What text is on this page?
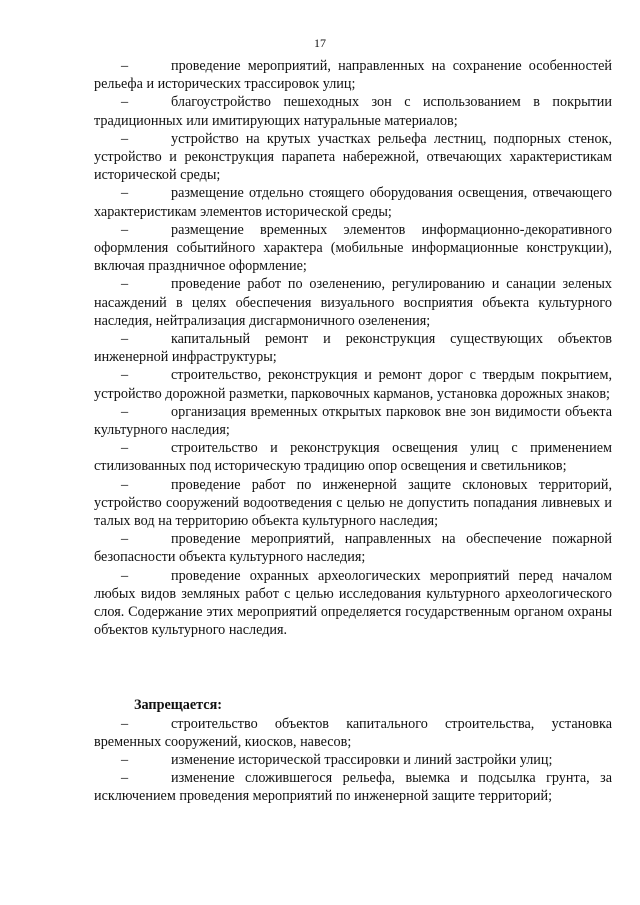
17

–	проведение мероприятий, направленных на сохранение особенностей рельефа и исторических трассировок улиц;

–	благоустройство пешеходных зон с использованием в покрытии традиционных или имитирующих натуральные материалов;

–	устройство на крутых участках рельефа лестниц, подпорных стенок, устройство и реконструкция парапета набережной, отвечающих характеристикам исторической среды;

–	размещение отдельно стоящего оборудования освещения, отвечающего характеристикам элементов исторической среды;

–	размещение временных элементов информационно-декоративного оформления событийного характера (мобильные информационные конструкции), включая праздничное оформление;

–	проведение работ по озеленению, регулированию и санации зеленых насаждений в целях обеспечения визуального восприятия объекта культурного наследия, нейтрализация дисгармоничного озеленения;

–	капитальный ремонт и реконструкция существующих объектов инженерной инфраструктуры;

–	строительство, реконструкция и ремонт дорог с твердым покрытием, устройство дорожной разметки, парковочных карманов, установка дорожных знаков;

–	организация временных открытых парковок вне зон видимости объекта культурного наследия;

–	строительство и реконструкция освещения улиц с применением стилизованных под историческую традицию опор освещения и светильников;

–	проведение работ по инженерной защите склоновых территорий, устройство сооружений водоотведения с целью не допустить попадания ливневых и талых вод на территорию объекта культурного наследия;

–	проведение мероприятий, направленных на обеспечение пожарной безопасности объекта культурного наследия;

–	проведение охранных археологических мероприятий перед началом любых видов земляных работ с целью исследования культурного археологического слоя. Содержание этих мероприятий определяется государственным органом охраны объектов культурного наследия.

Запрещается:

–	строительство объектов капитального строительства, установка временных сооружений, киосков, навесов;

–	изменение исторической трассировки и линий застройки улиц;

–	изменение сложившегося рельефа, выемка и подсылка грунта, за исключением проведения мероприятий по инженерной защите территорий;
